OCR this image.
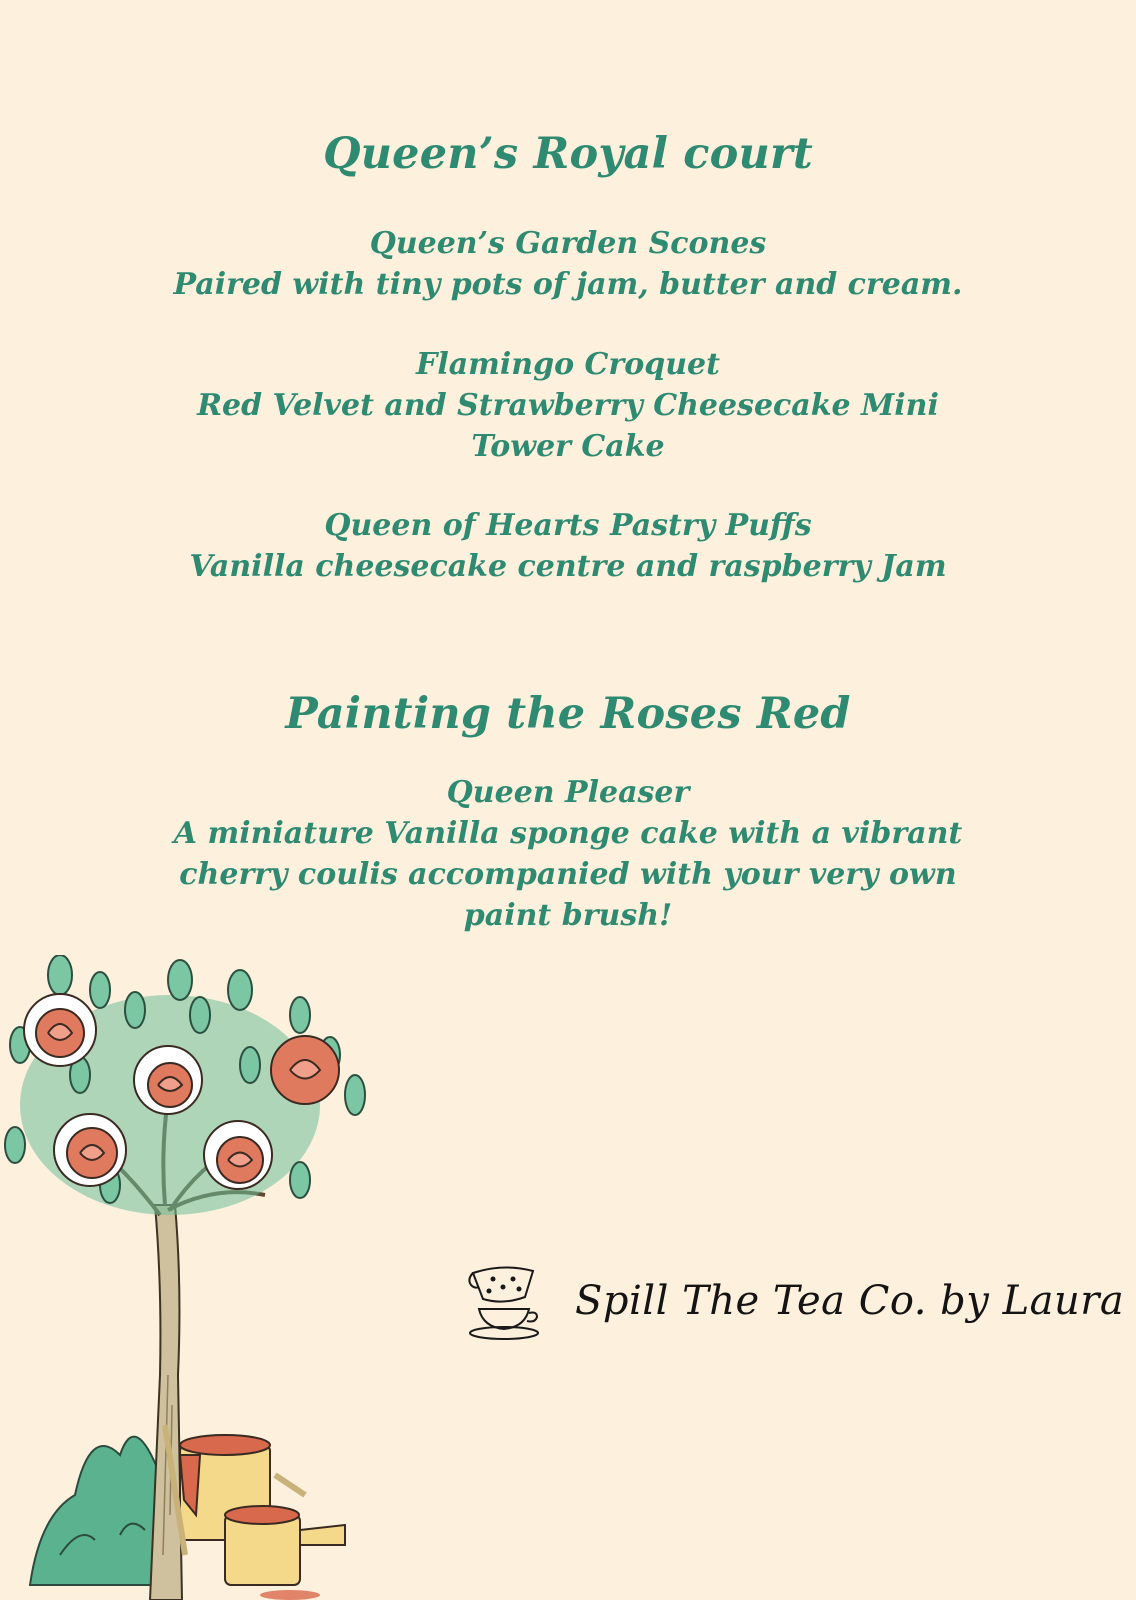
Queen’s Royal court
Queen’s Garden Scones
Paired with tiny pots of jam, butter and cream.
Flamingo Croquet
Red Velvet and Strawberry Cheesecake Mini
Tower Cake
Queen of Hearts Pastry Puffs
Vanilla cheesecake centre and raspberry Jam
Painting the Roses Red
Queen Pleaser
A miniature Vanilla sponge cake with a vibrant
cherry coulis accompanied with your very own
paint brush!
Spill The Tea Co. by Laura
